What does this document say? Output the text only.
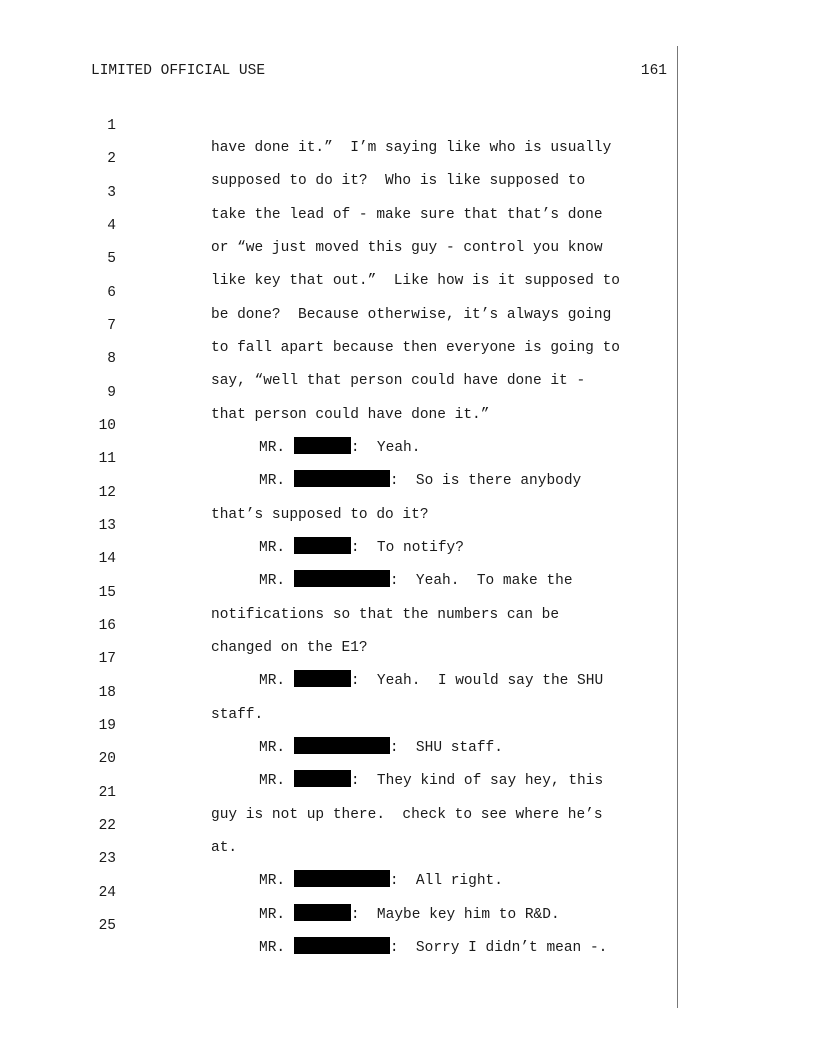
LIMITED OFFICIAL USE	161

1

have done it.”  I’m saying like who is usually

2

supposed to do it?  Who is like supposed to

3

take the lead of - make sure that that’s done

4

or “we just moved this guy - control you know

5

like key that out.”  Like how is it supposed to

6

be done?  Because otherwise, it’s always going

7

to fall apart because then everyone is going to

8

say, “well that person could have done it -

9

that person could have done it.”

10

MR.	:  Yeah.

11

MR.	:  So is there anybody

12

that’s supposed to do it?

13

MR.	:  To notify?

14

MR.	:  Yeah.  To make the

15

notifications so that the numbers can be

16

changed on the E1?

17

MR.	:  Yeah.  I would say the SHU

18

staff.

19

MR.	:  SHU staff.

20

MR.	:  They kind of say hey, this

21

guy is not up there.  check to see where he’s

22

at.

23

MR.	:  All right.

24

MR.	:  Maybe key him to R&D.

25

MR.	:  Sorry I didn’t mean -.
